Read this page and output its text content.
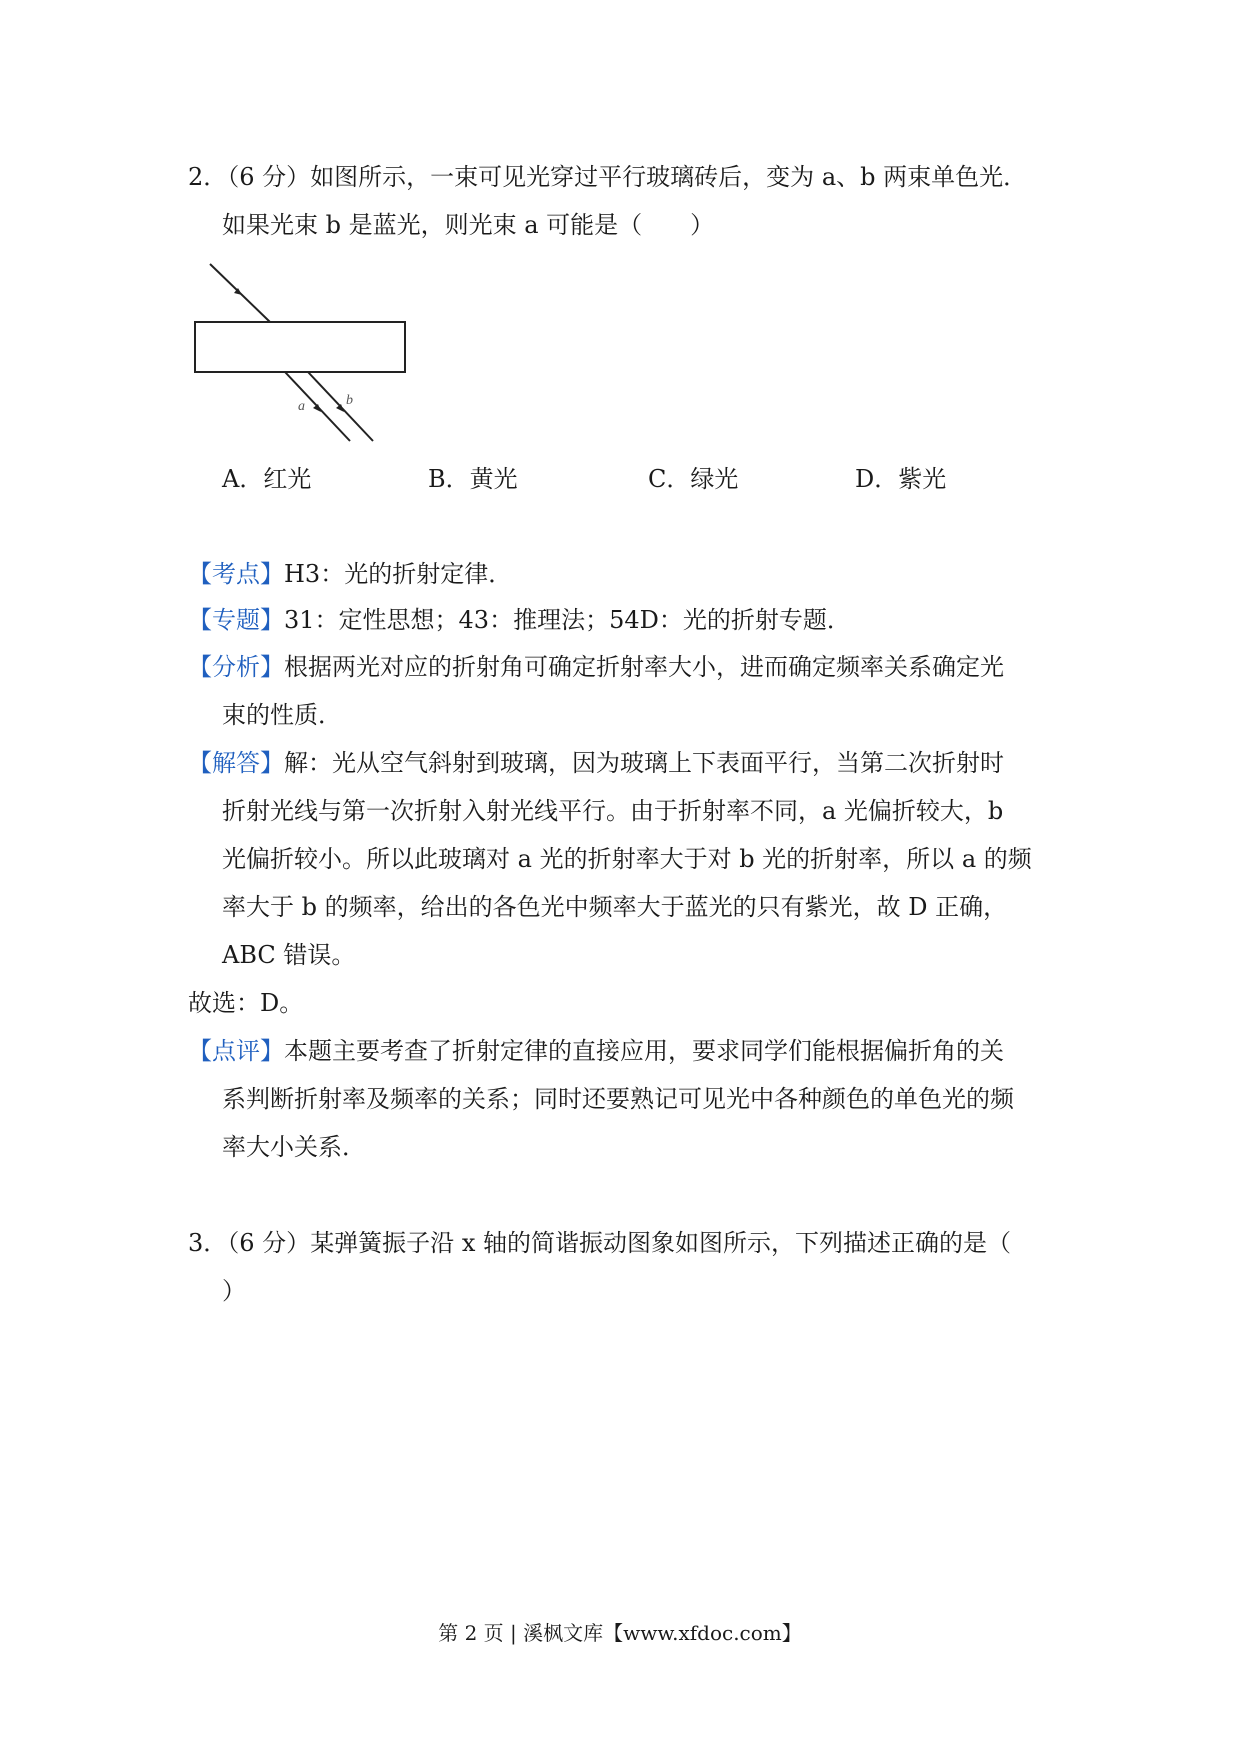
2．（6 分）如图所示，一束可见光穿过平行玻璃砖后，变为 a、b 两束单色光．
如果光束 b 是蓝光，则光束 a 可能是（　　）
a	b
A．红光	B．黄光	C．绿光	D．紫光
【考点】H3：光的折射定律．
【专题】31：定性思想；43：推理法；54D：光的折射专题．
【分析】根据两光对应的折射角可确定折射率大小，进而确定频率关系确定光
束的性质．
【解答】解：光从空气斜射到玻璃，因为玻璃上下表面平行，当第二次折射时
折射光线与第一次折射入射光线平行。由于折射率不同，a 光偏折较大，b
光偏折较小。所以此玻璃对 a 光的折射率大于对 b 光的折射率，所以 a 的频
率大于 b 的频率，给出的各色光中频率大于蓝光的只有紫光，故 D 正确，
ABC 错误。
故选：D。
【点评】本题主要考查了折射定律的直接应用，要求同学们能根据偏折角的关
系判断折射率及频率的关系；同时还要熟记可见光中各种颜色的单色光的频
率大小关系．
3．（6 分）某弹簧振子沿 x 轴的简谐振动图象如图所示，下列描述正确的是（
）
第 2 页 | 溪枫文库【www.xfdoc.com】
